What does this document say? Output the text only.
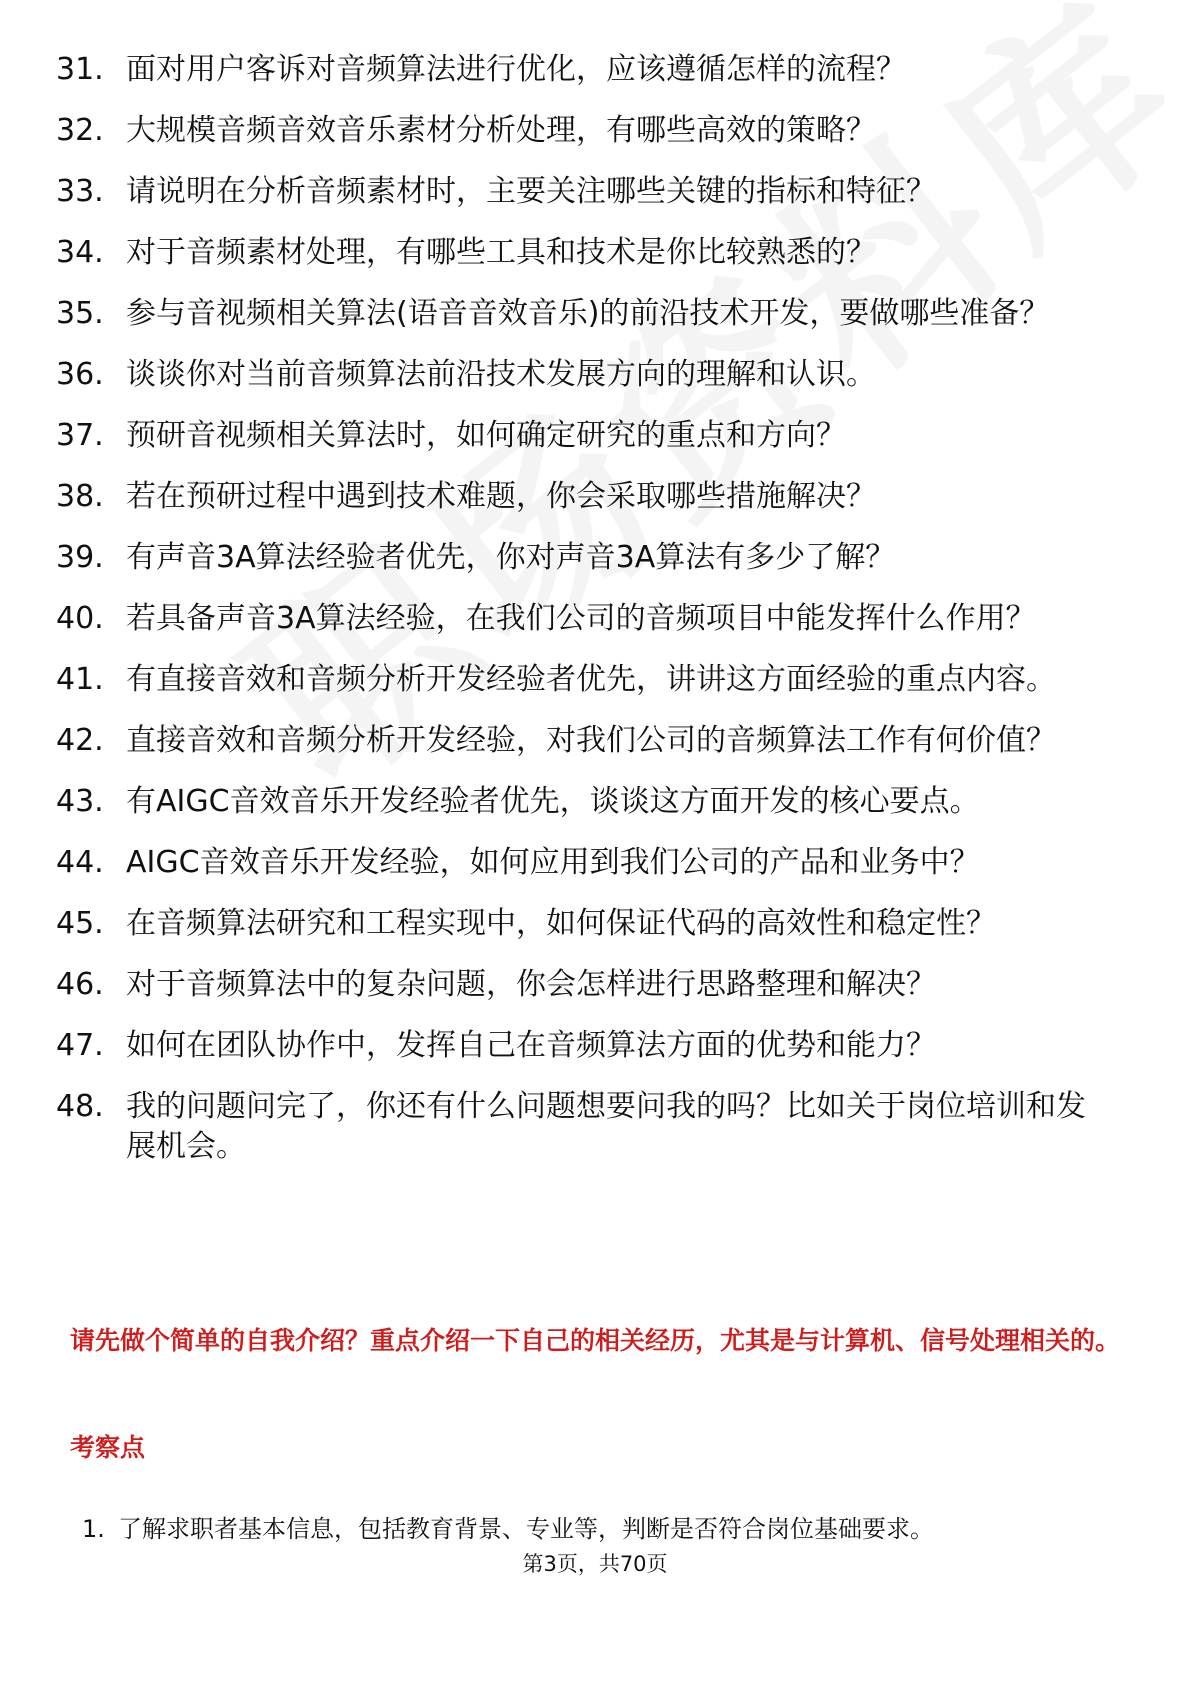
31. 面对用户客诉对音频算法进行优化，应该遵循怎样的流程？
32. 大规模音频音效音乐素材分析处理，有哪些高效的策略？
33. 请说明在分析音频素材时，主要关注哪些关键的指标和特征？
34. 对于音频素材处理，有哪些工具和技术是你比较熟悉的？
35. 参与音视频相关算法(语音音效音乐)的前沿技术开发，要做哪些准备？
36. 谈谈你对当前音频算法前沿技术发展方向的理解和认识。
37. 预研音视频相关算法时，如何确定研究的重点和方向？
38. 若在预研过程中遇到技术难题，你会采取哪些措施解决？
39. 有声音3A算法经验者优先，你对声音3A算法有多少了解？
40. 若具备声音3A算法经验，在我们公司的音频项目中能发挥什么作用？
41. 有直接音效和音频分析开发经验者优先，讲讲这方面经验的重点内容。
42. 直接音效和音频分析开发经验，对我们公司的音频算法工作有何价值？
43. 有AIGC音效音乐开发经验者优先，谈谈这方面开发的核心要点。
44. AIGC音效音乐开发经验，如何应用到我们公司的产品和业务中？
45. 在音频算法研究和工程实现中，如何保证代码的高效性和稳定性？
46. 对于音频算法中的复杂问题，你会怎样进行思路整理和解决？
47. 如何在团队协作中，发挥自己在音频算法方面的优势和能力？
48. 我的问题问完了，你还有什么问题想要问我的吗？比如关于岗位培训和发展机会。
请先做个简单的自我介绍？重点介绍一下自己的相关经历，尤其是与计算机、信号处理相关的。
考察点
1. 了解求职者基本信息，包括教育背景、专业等，判断是否符合岗位基础要求。
第3页，共70页
